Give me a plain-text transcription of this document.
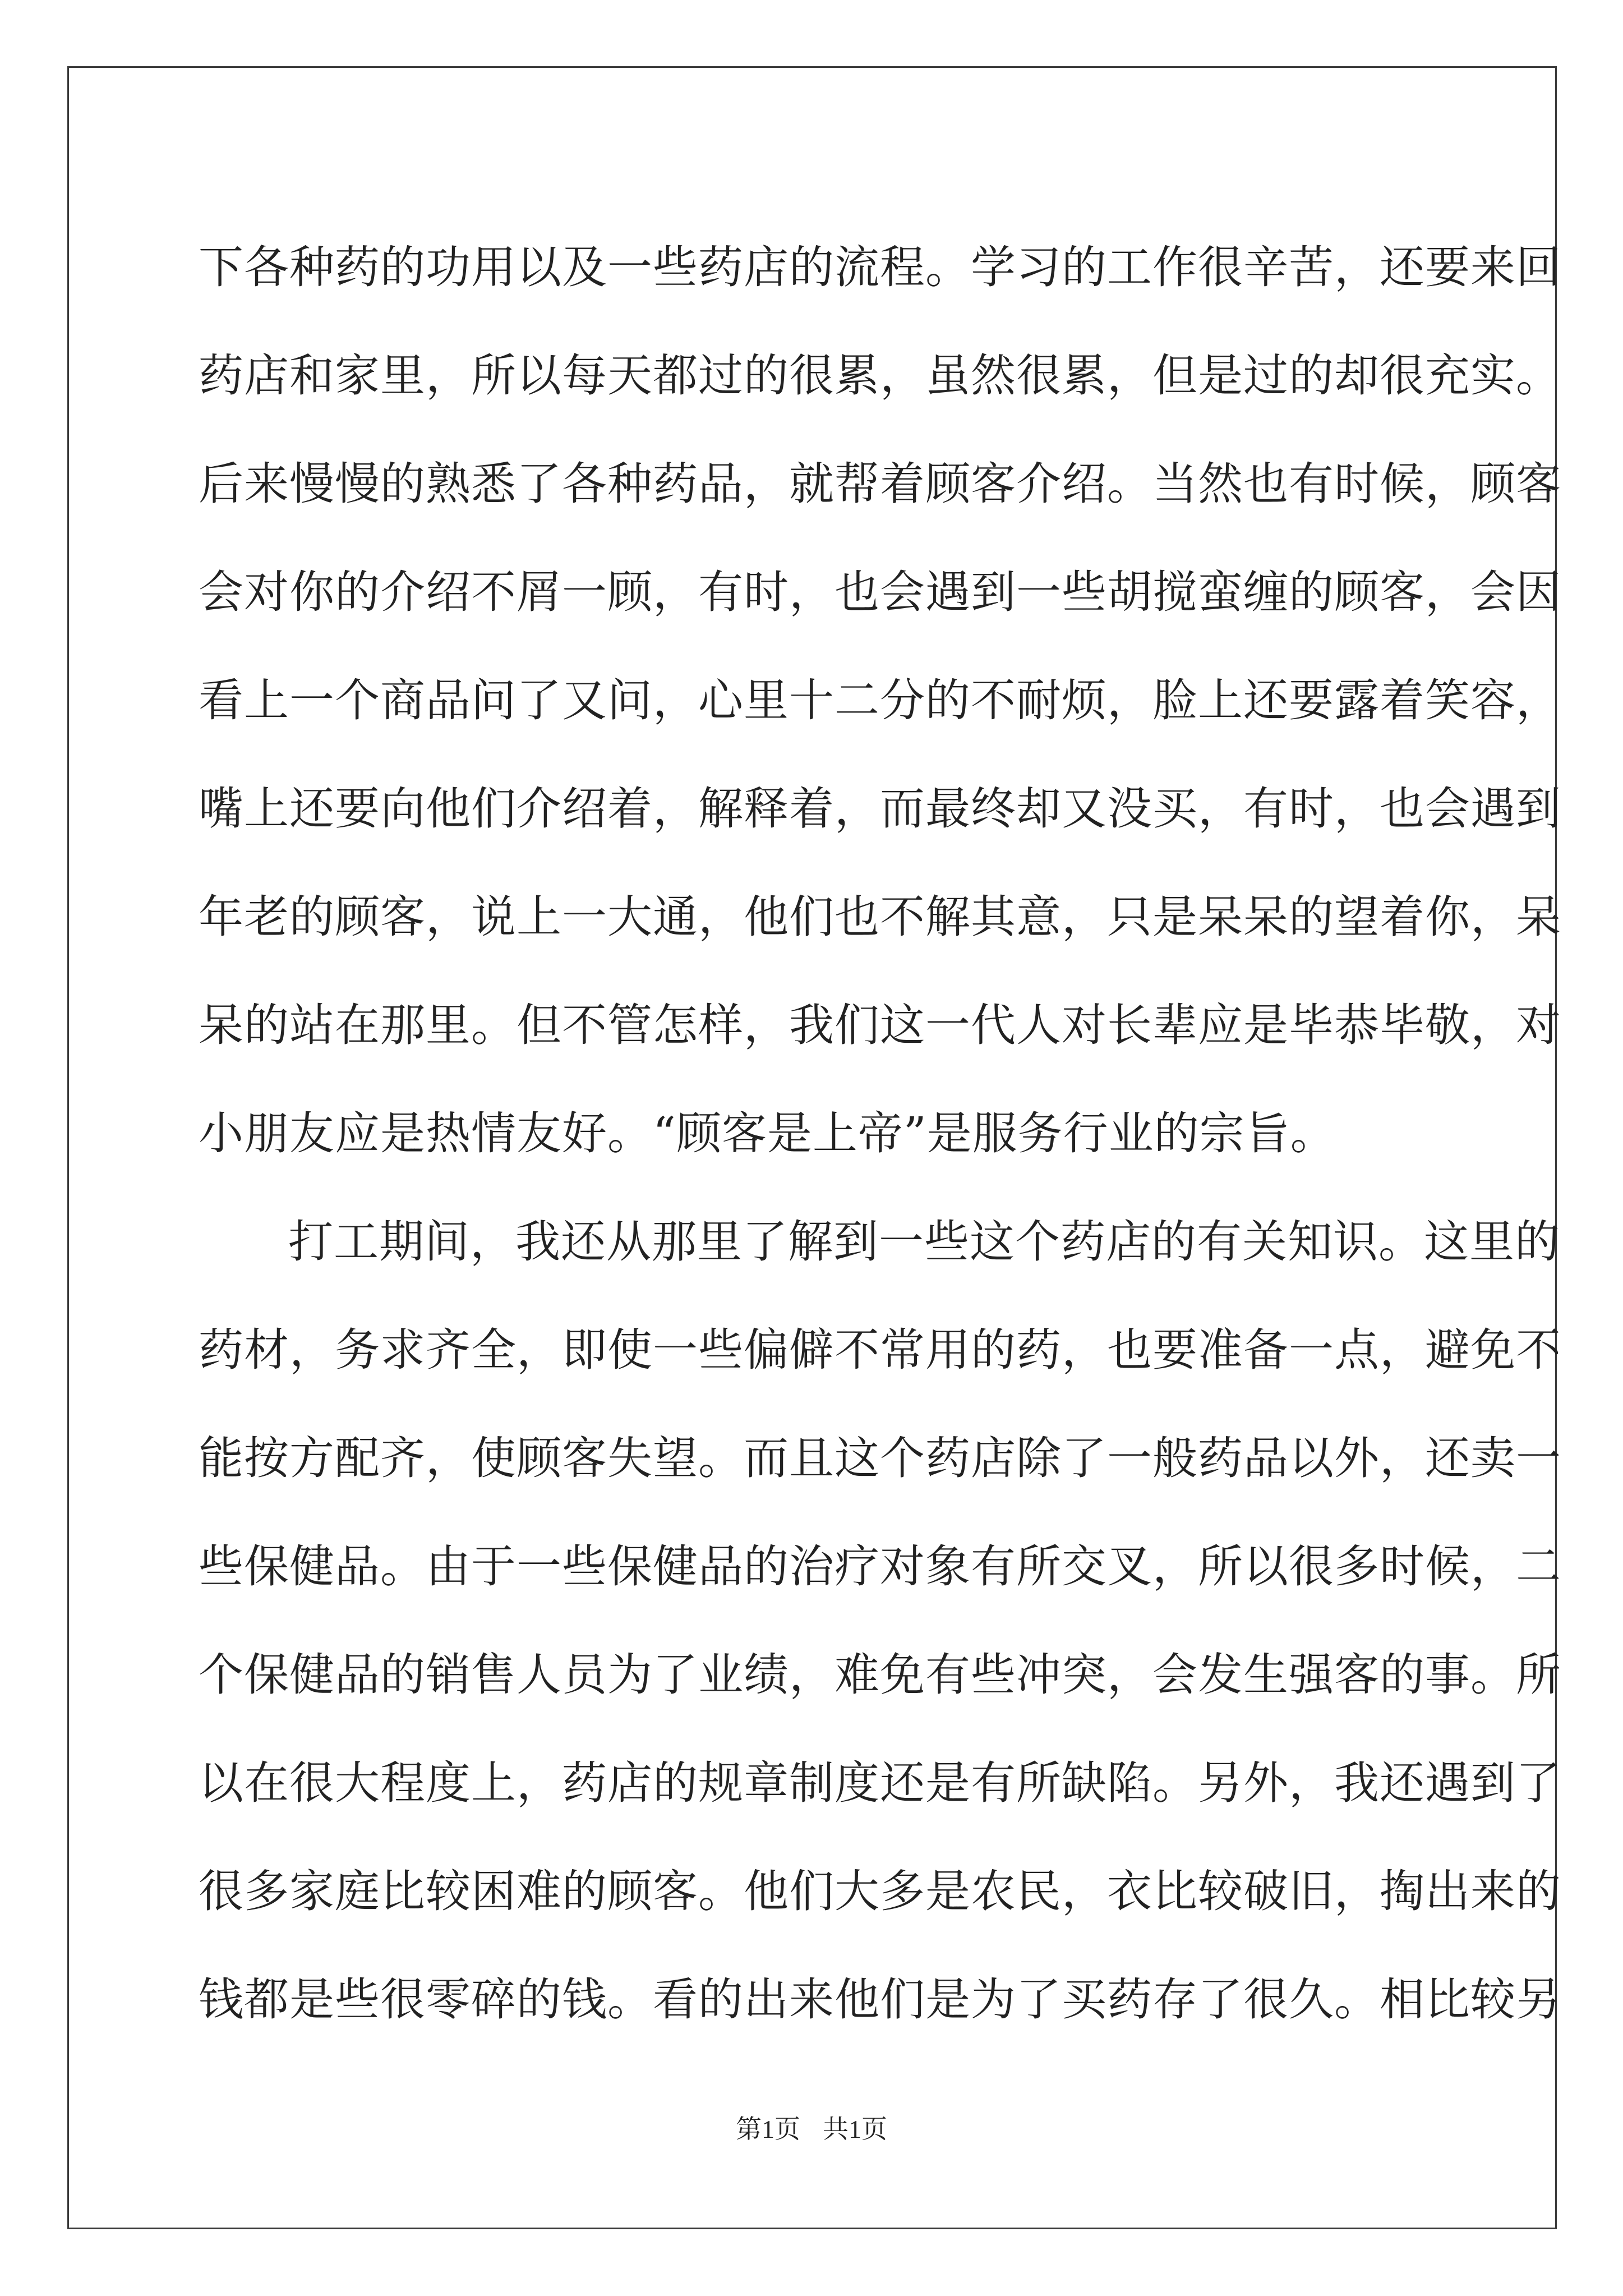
下各种药的功用以及一些药店的流程。学习的工作很辛苦，还要来回
药店和家里，所以每天都过的很累，虽然很累，但是过的却很充实。
后来慢慢的熟悉了各种药品，就帮着顾客介绍。当然也有时候，顾客
会对你的介绍不屑一顾，有时，也会遇到一些胡搅蛮缠的顾客，会因
看上一个商品问了又问，心里十二分的不耐烦，脸上还要露着笑容，
嘴上还要向他们介绍着，解释着，而最终却又没买，有时，也会遇到
年老的顾客，说上一大通，他们也不解其意，只是呆呆的望着你，呆
呆的站在那里。但不管怎样，我们这一代人对长辈应是毕恭毕敬，对
小朋友应是热情友好。“顾客是上帝”是服务行业的宗旨。
打工期间，我还从那里了解到一些这个药店的有关知识。这里的
药材，务求齐全，即使一些偏僻不常用的药，也要准备一点，避免不
能按方配齐，使顾客失望。而且这个药店除了一般药品以外，还卖一
些保健品。由于一些保健品的治疗对象有所交叉，所以很多时候，二
个保健品的销售人员为了业绩，难免有些冲突，会发生强客的事。所
以在很大程度上，药店的规章制度还是有所缺陷。另外，我还遇到了
很多家庭比较困难的顾客。他们大多是农民，衣比较破旧，掏出来的
钱都是些很零碎的钱。看的出来他们是为了买药存了很久。相比较另
第1页 共1页
